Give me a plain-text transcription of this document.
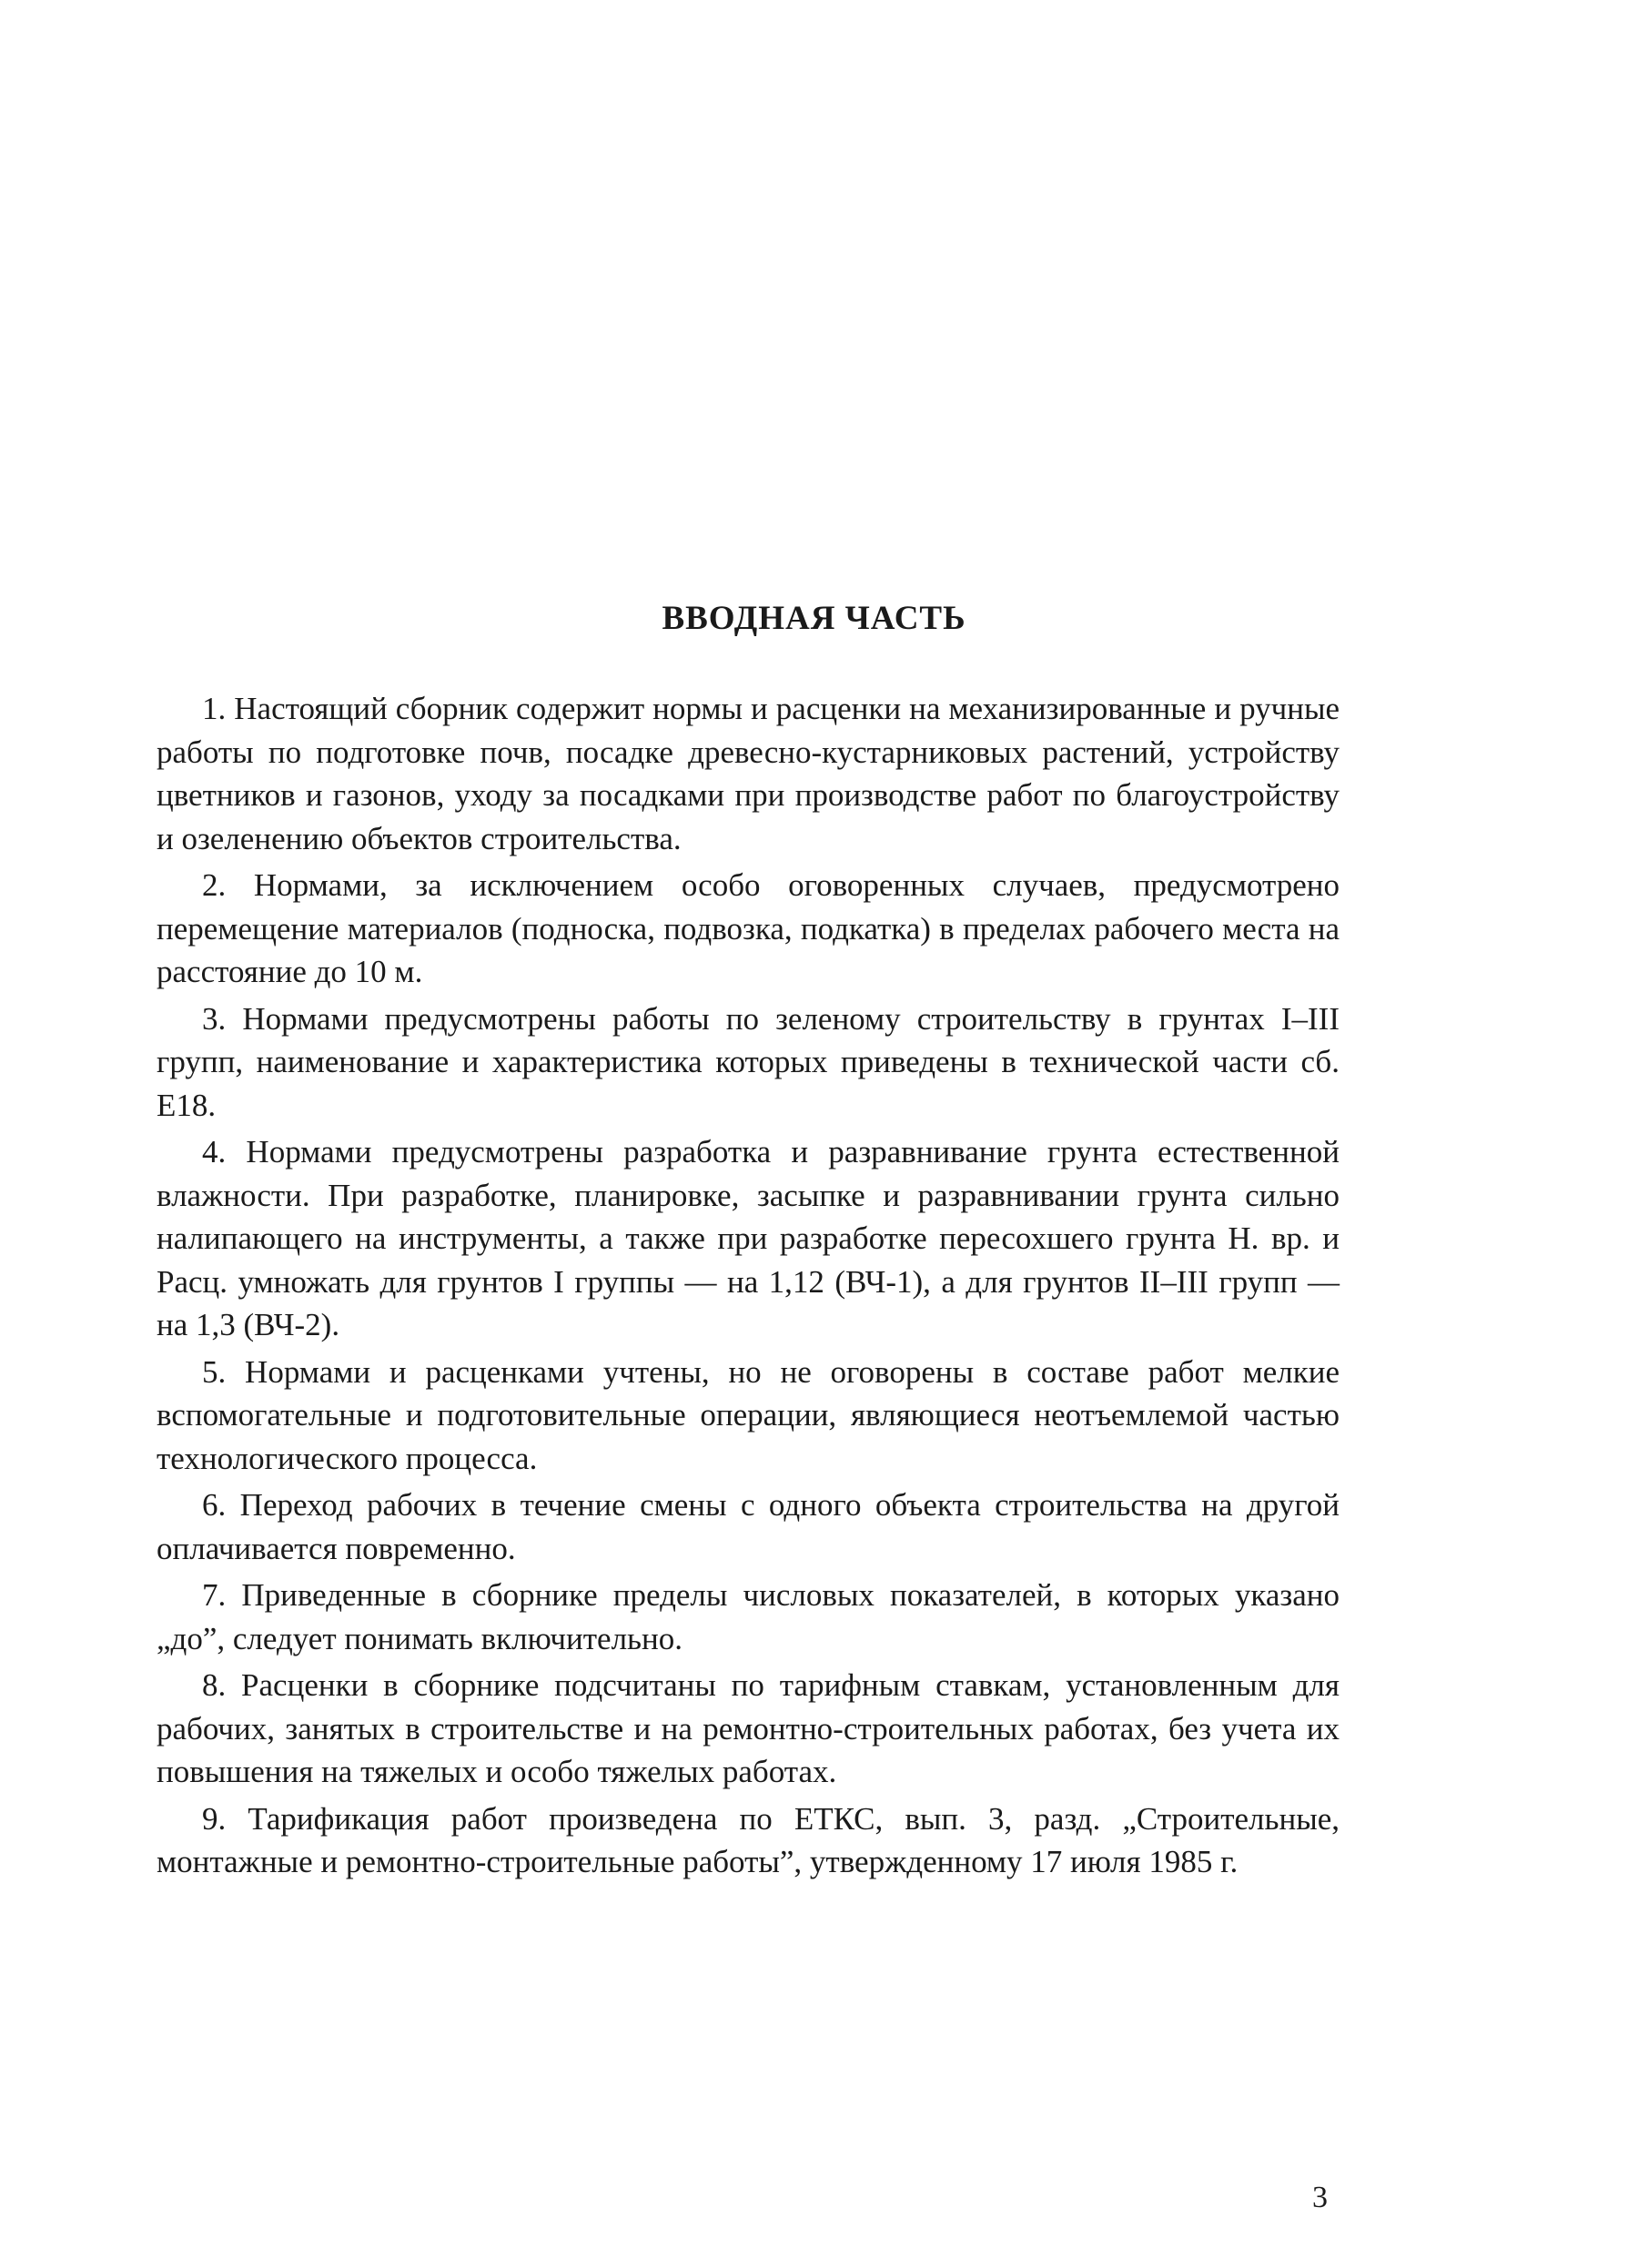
ВВОДНАЯ ЧАСТЬ

1. Настоящий сборник содержит нормы и расценки на механизированные и ручные работы по подготовке почв, посадке древесно-кустарниковых растений, устройству цветников и газонов, уходу за посадками при производстве работ по благоустройству и озеленению объектов строительства.

2. Нормами, за исключением особо оговоренных случаев, предусмотрено перемещение материалов (подноска, подвозка, подкатка) в пределах рабочего места на расстояние до 10 м.

3. Нормами предусмотрены работы по зеленому строительству в грунтах I–III групп, наименование и характеристика которых приведены в технической части сб. Е18.

4. Нормами предусмотрены разработка и разравнивание грунта естественной влажности. При разработке, планировке, засыпке и разравнивании грунта сильно налипающего на инструменты, а также при разработке пересохшего грунта Н. вр. и Расц. умножать для грунтов I группы — на 1,12 (ВЧ-1), а для грунтов II–III групп — на 1,3 (ВЧ-2).

5. Нормами и расценками учтены, но не оговорены в составе работ мелкие вспомогательные и подготовительные операции, являющиеся неотъемлемой частью технологического процесса.

6. Переход рабочих в течение смены с одного объекта строительства на другой оплачивается повременно.

7. Приведенные в сборнике пределы числовых показателей, в которых указано „до”, следует понимать включительно.

8. Расценки в сборнике подсчитаны по тарифным ставкам, установленным для рабочих, занятых в строительстве и на ремонтно-строительных работах, без учета их повышения на тяжелых и особо тяжелых работах.

9. Тарификация работ произведена по ЕТКС, вып. 3, разд. „Строительные, монтажные и ремонтно-строительные работы”, утвержденному 17 июля 1985 г.

3
